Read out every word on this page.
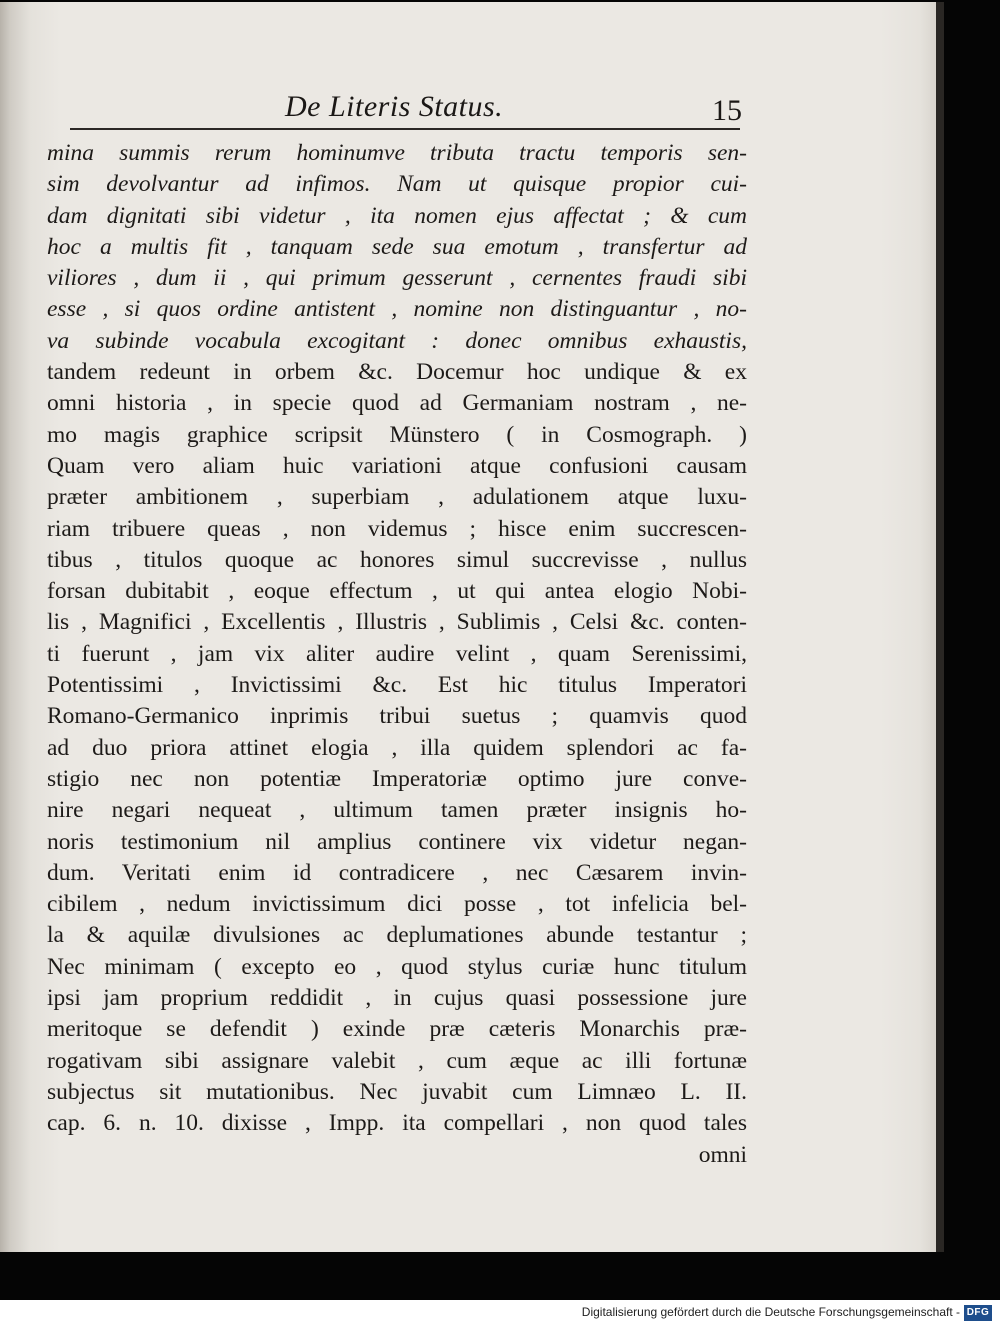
De Literis Status.	15
mina summis rerum hominumve tributa tractu temporis sen-
sim devolvantur ad infimos. Nam ut quisque propior cui-
dam dignitati sibi videtur , ita nomen ejus affectat ; & cum
hoc a multis fit , tanquam sede sua emotum , transfertur ad
viliores , dum ii , qui primum gesserunt , cernentes fraudi sibi
esse , si quos ordine antistent , nomine non distinguantur , no-
va subinde vocabula excogitant : donec omnibus exhaustis,
tandem redeunt in orbem &c. Docemur hoc undique & ex
omni historia , in specie quod ad Germaniam nostram , ne-
mo magis graphice scripsit Münstero ( in Cosmograph. )
Quam vero aliam huic variationi atque confusioni causam
præter ambitionem , superbiam , adulationem atque luxu-
riam tribuere queas , non videmus ; hisce enim succrescen-
tibus , titulos quoque ac honores simul succrevisse , nullus
forsan dubitabit , eoque effectum , ut qui antea elogio Nobi-
lis , Magnifici , Excellentis , Illustris , Sublimis , Celsi &c. conten-
ti fuerunt , jam vix aliter audire velint , quam Serenissimi,
Potentissimi , Invictissimi &c. Est hic titulus Imperatori
Romano-Germanico inprimis tribui suetus ; quamvis quod
ad duo priora attinet elogia , illa quidem splendori ac fa-
stigio nec non potentiæ Imperatoriæ optimo jure conve-
nire negari nequeat , ultimum tamen præter insignis ho-
noris testimonium nil amplius continere vix videtur negan-
dum. Veritati enim id contradicere , nec Cæsarem invin-
cibilem , nedum invictissimum dici posse , tot infelicia bel-
la & aquilæ divulsiones ac deplumationes abunde testantur ;
Nec minimam ( excepto eo , quod stylus curiæ hunc titulum
ipsi jam proprium reddidit , in cujus quasi possessione jure
meritoque se defendit ) exinde præ cæteris Monarchis præ-
rogativam sibi assignare valebit , cum æque ac illi fortunæ
subjectus sit mutationibus. Nec juvabit cum Limnæo L. II.
cap. 6. n. 10. dixisse , Impp. ita compellari , non quod tales
omni
Digitalisierung gefördert durch die Deutsche Forschungsgemeinschaft - DFG
